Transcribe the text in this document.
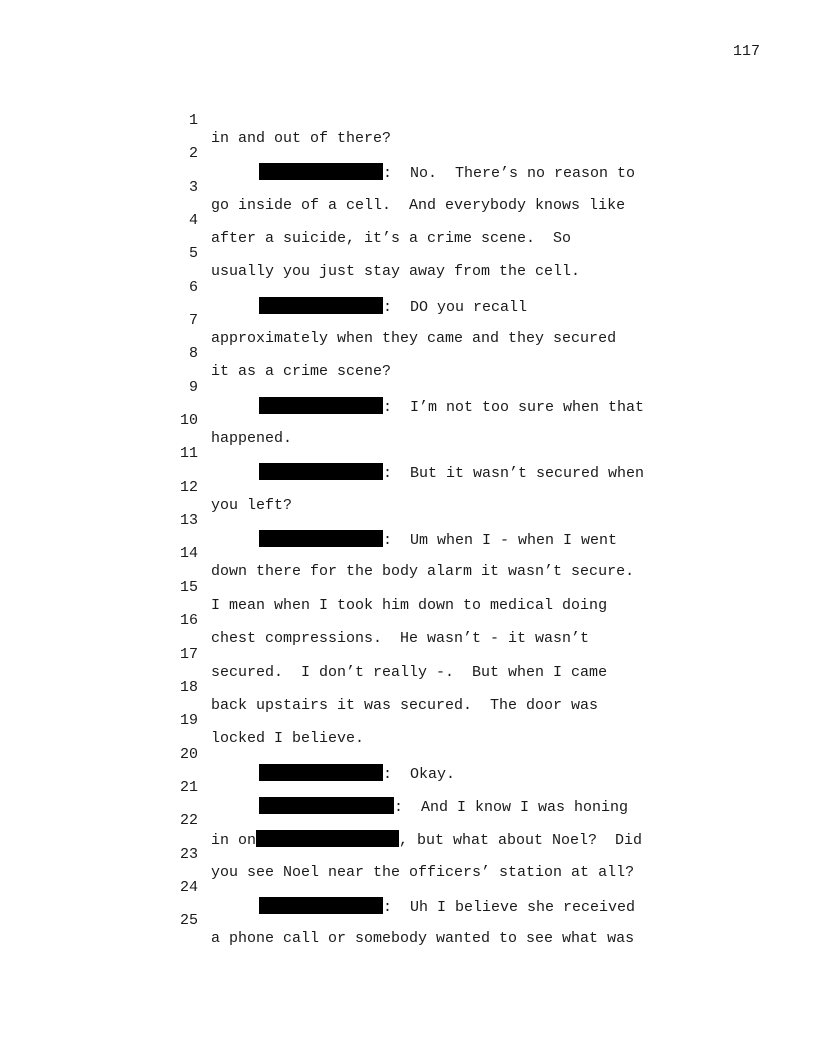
117

1

in and out of there?

2

:  No.  There’s no reason to

3

go inside of a cell.  And everybody knows like

4

after a suicide, it’s a crime scene.  So

5

usually you just stay away from the cell.

6

:  DO you recall

7

approximately when they came and they secured

8

it as a crime scene?

9

:  I’m not too sure when that

10

happened.

11

:  But it wasn’t secured when

12

you left?

13

:  Um when I - when I went

14

down there for the body alarm it wasn’t secure.

15

I mean when I took him down to medical doing

16

chest compressions.  He wasn’t - it wasn’t

17

secured.  I don’t really -.  But when I came

18

back upstairs it was secured.  The door was

19

locked I believe.

20

:  Okay.

21

:  And I know I was honing

22

in on	, but what about Noel?  Did

23

you see Noel near the officers’ station at all?

24

:  Uh I believe she received

25

a phone call or somebody wanted to see what was
